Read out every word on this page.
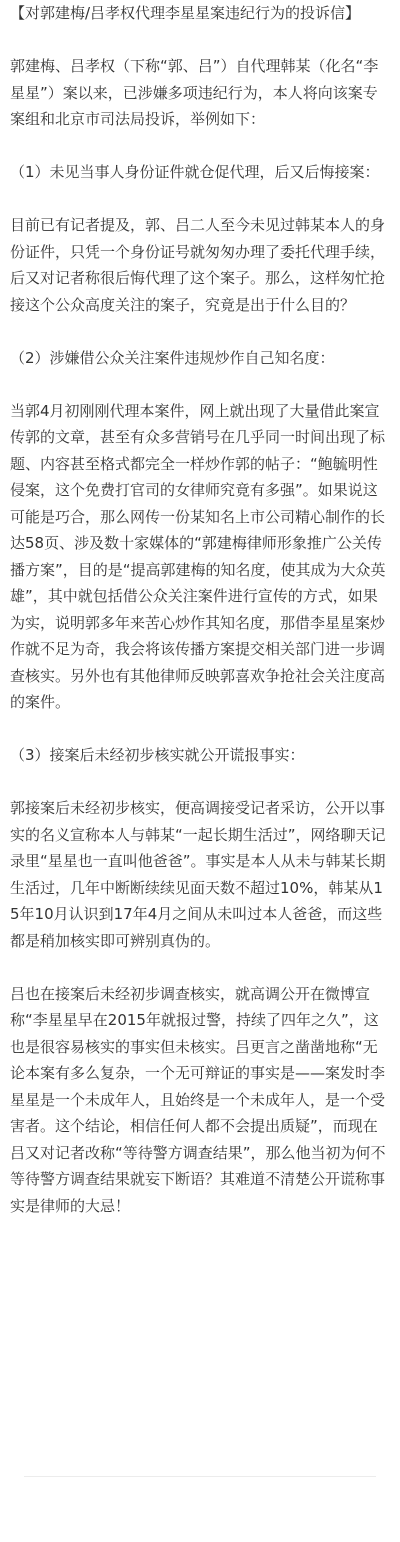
【对郭建梅/吕孝权代理李星星案违纪行为的投诉信】

郭建梅、吕孝权（下称“郭、吕”）自代理韩某（化名“李星星”）案以来，已涉嫌多项违纪行为，本人将向该案专案组和北京市司法局投诉，举例如下：

（1）未见当事人身份证件就仓促代理，后又后悔接案：

目前已有记者提及，郭、吕二人至今未见过韩某本人的身份证件，只凭一个身份证号就匆匆办理了委托代理手续，后又对记者称很后悔代理了这个案子。那么，这样匆忙抢接这个公众高度关注的案子，究竟是出于什么目的？

（2）涉嫌借公众关注案件违规炒作自己知名度：

当郭4月初刚刚代理本案件，网上就出现了大量借此案宣传郭的文章，甚至有众多营销号在几乎同一时间出现了标题、内容甚至格式都完全一样炒作郭的帖子：“鲍毓明性侵案，这个免费打官司的女律师究竟有多强”。如果说这可能是巧合，那么网传一份某知名上市公司精心制作的长达58页、涉及数十家媒体的“郭建梅律师形象推广公关传播方案”，目的是“提高郭建梅的知名度，使其成为大众英雄”，其中就包括借公众关注案件进行宣传的方式，如果为实，说明郭多年来苦心炒作其知名度，那借李星星案炒作就不足为奇，我会将该传播方案提交相关部门进一步调查核实。另外也有其他律师反映郭喜欢争抢社会关注度高的案件。

（3）接案后未经初步核实就公开谎报事实：

郭接案后未经初步核实，便高调接受记者采访，公开以事实的名义宣称本人与韩某“一起长期生活过”，网络聊天记录里“星星也一直叫他爸爸”。事实是本人从未与韩某长期生活过，几年中断断续续见面天数不超过10%，韩某从15年10月认识到17年4月之间从未叫过本人爸爸，而这些都是稍加核实即可辨别真伪的。

吕也在接案后未经初步调查核实，就高调公开在微博宣称“李星星早在2015年就报过警，持续了四年之久”，这也是很容易核实的事实但未核实。吕更言之凿凿地称“无论本案有多么复杂，一个无可辩证的事实是——案发时李星星是一个未成年人，且始终是一个未成年人，是一个受害者。这个结论，相信任何人都不会提出质疑”，而现在吕又对记者改称“等待警方调查结果”，那么他当初为何不等待警方调查结果就妄下断语？其难道不清楚公开谎称事实是律师的大忌！
